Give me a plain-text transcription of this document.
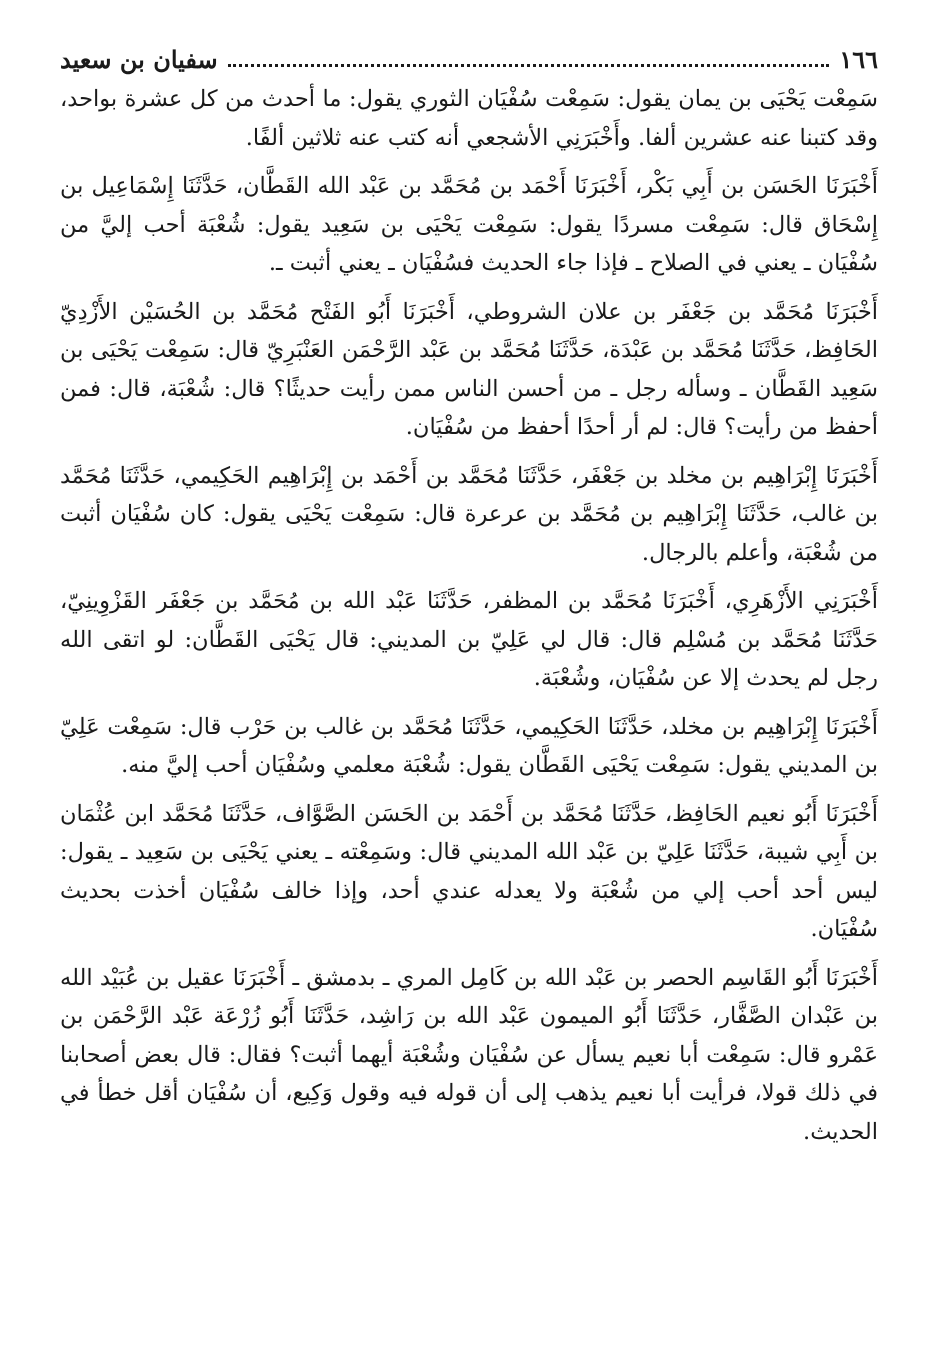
١٦٦
سفيان بن سعيد

سَمِعْت يَحْيَى بن يمان يقول: سَمِعْت سُفْيَان الثوري يقول: ما أحدث من كل عشرة بواحد، وقد كتبنا عنه عشرين ألفا. وأَخْبَرَنِي الأشجعي أنه كتب عنه ثلاثين ألفًا.

أَخْبَرَنَا الحَسَن بن أَبِي بَكْر، أَخْبَرَنَا أَحْمَد بن مُحَمَّد بن عَبْد الله القَطَّان، حَدَّثَنَا إِسْمَاعِيل بن إِسْحَاق قال: سَمِعْت مسردًا يقول: سَمِعْت يَحْيَى بن سَعِيد يقول: شُعْبَة أحب إليَّ من سُفْيَان ـ يعني في الصلاح ـ فإذا جاء الحديث فسُفْيَان ـ يعني أثبت ـ.

أَخْبَرَنَا مُحَمَّد بن جَعْفَر بن علان الشروطي، أَخْبَرَنَا أَبُو الفَتْح مُحَمَّد بن الحُسَيْن الأَزْدِيّ الحَافِظ، حَدَّثَنَا مُحَمَّد بن عَبْدَة، حَدَّثَنَا مُحَمَّد بن عَبْد الرَّحْمَن العَنْبَرِيّ قال: سَمِعْت يَحْيَى بن سَعِيد القَطَّان ـ وسأله رجل ـ من أحسن الناس ممن رأيت حديثًا؟ قال: شُعْبَة، قال: فمن أحفظ من رأيت؟ قال: لم أر أحدًا أحفظ من سُفْيَان.

أَخْبَرَنَا إِبْرَاهِيم بن مخلد بن جَعْفَر، حَدَّثَنَا مُحَمَّد بن أَحْمَد بن إِبْرَاهِيم الحَكِيمي، حَدَّثَنَا مُحَمَّد بن غالب، حَدَّثَنَا إِبْرَاهِيم بن مُحَمَّد بن عرعرة قال: سَمِعْت يَحْيَى يقول: كان سُفْيَان أثبت من شُعْبَة، وأعلم بالرجال.

أَخْبَرَنِي الأَزْهَرِي، أَخْبَرَنَا مُحَمَّد بن المظفر، حَدَّثَنَا عَبْد الله بن مُحَمَّد بن جَعْفَر القَزْوِينِيّ، حَدَّثَنَا مُحَمَّد بن مُسْلِم قال: قال لي عَلِيّ بن المديني: قال يَحْيَى القَطَّان: لو اتقى الله رجل لم يحدث إلا عن سُفْيَان، وشُعْبَة.

أَخْبَرَنَا إِبْرَاهِيم بن مخلد، حَدَّثَنَا الحَكِيمي، حَدَّثَنَا مُحَمَّد بن غالب بن حَرْب قال: سَمِعْت عَلِيّ بن المديني يقول: سَمِعْت يَحْيَى القَطَّان يقول: شُعْبَة معلمي وسُفْيَان أحب إليَّ منه.

أَخْبَرَنَا أَبُو نعيم الحَافِظ، حَدَّثَنَا مُحَمَّد بن أَحْمَد بن الحَسَن الصَّوَّاف، حَدَّثَنَا مُحَمَّد ابن عُثْمَان بن أَبِي شيبة، حَدَّثَنَا عَلِيّ بن عَبْد الله المديني قال: وسَمِعْته ـ يعني يَحْيَى بن سَعِيد ـ يقول: ليس أحد أحب إلي من شُعْبَة ولا يعدله عندي أحد، وإذا خالف سُفْيَان أخذت بحديث سُفْيَان.

أَخْبَرَنَا أَبُو القَاسِم الحصر بن عَبْد الله بن كَامِل المري ـ بدمشق ـ أَخْبَرَنَا عقيل بن عُبَيْد الله بن عَبْدان الصَّفَّار، حَدَّثَنَا أَبُو الميمون عَبْد الله بن رَاشِد، حَدَّثَنَا أَبُو زُرْعَة عَبْد الرَّحْمَن بن عَمْرو قال: سَمِعْت أبا نعيم يسأل عن سُفْيَان وشُعْبَة أيهما أثبت؟ فقال: قال بعض أصحابنا في ذلك قولا، فرأيت أبا نعيم يذهب إلى أن قوله فيه وقول وَكِيع، أن سُفْيَان أقل خطأ في الحديث.
